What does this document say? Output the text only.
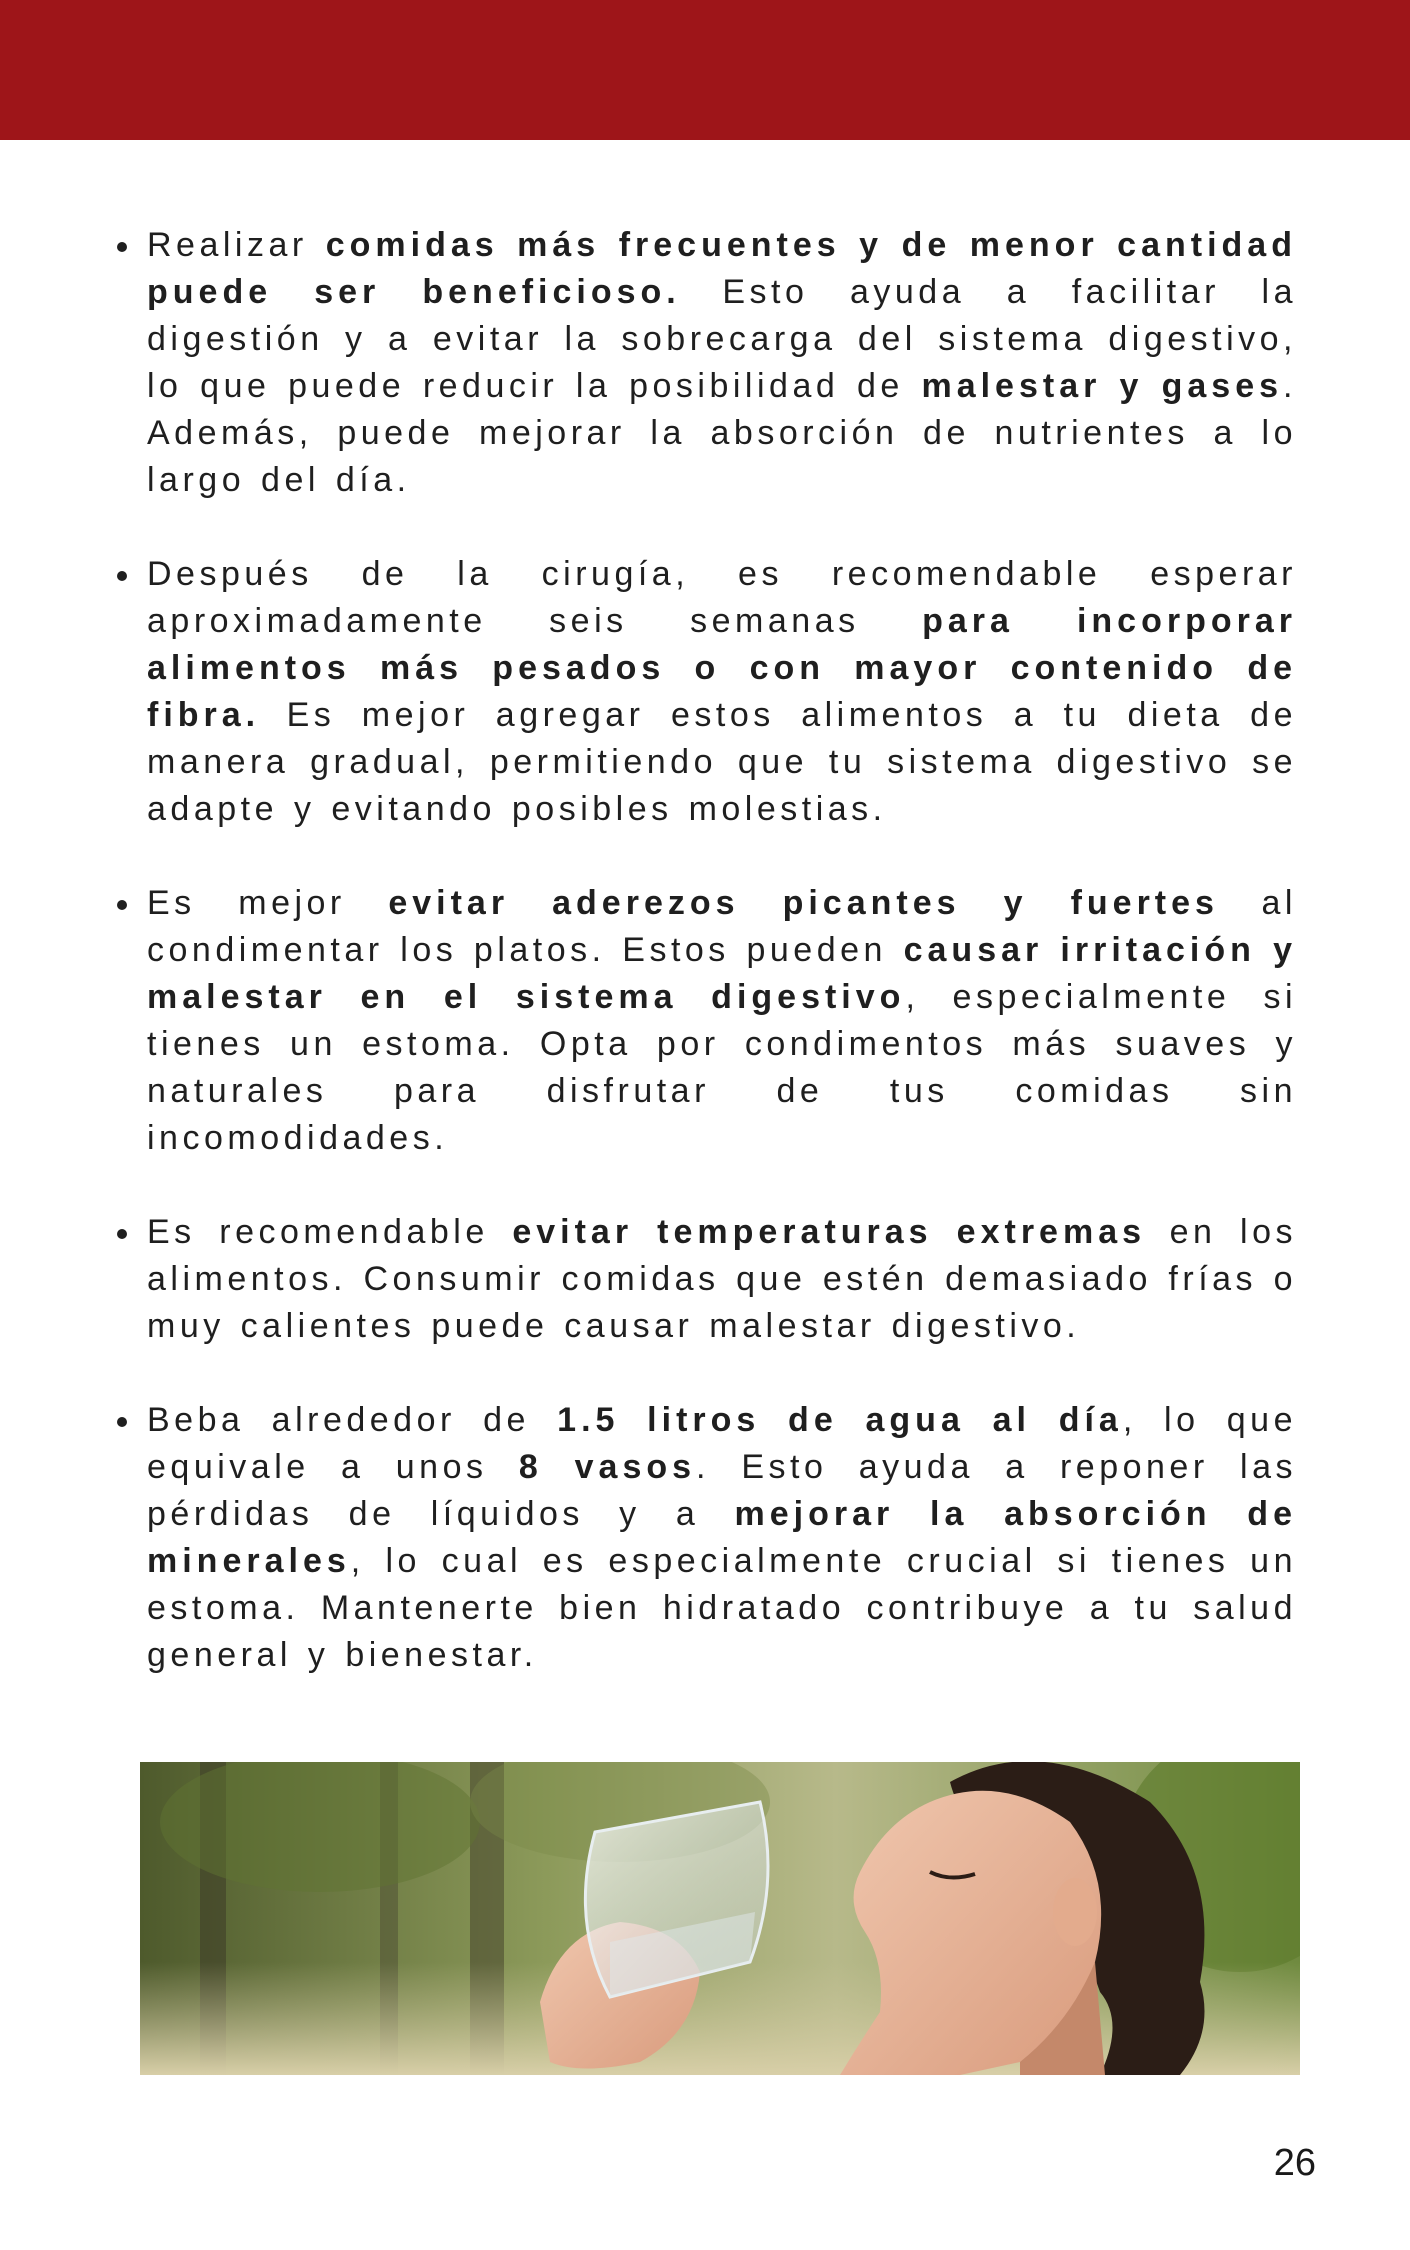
Realizar comidas más frecuentes y de menor cantidad puede ser beneficioso. Esto ayuda a facilitar la digestión y a evitar la sobrecarga del sistema digestivo, lo que puede reducir la posibilidad de malestar y gases. Además, puede mejorar la absorción de nutrientes a lo largo del día.
Después de la cirugía, es recomendable esperar aproximadamente seis semanas para incorporar alimentos más pesados o con mayor contenido de fibra. Es mejor agregar estos alimentos a tu dieta de manera gradual, permitiendo que tu sistema digestivo se adapte y evitando posibles molestias.
Es mejor evitar aderezos picantes y fuertes al condimentar los platos. Estos pueden causar irritación y malestar en el sistema digestivo, especialmente si tienes un estoma. Opta por condimentos más suaves y naturales para disfrutar de tus comidas sin incomodidades.
Es recomendable evitar temperaturas extremas en los alimentos. Consumir comidas que estén demasiado frías o muy calientes puede causar malestar digestivo.
Beba alrededor de 1.5 litros de agua al día, lo que equivale a unos 8 vasos. Esto ayuda a reponer las pérdidas de líquidos y a mejorar la absorción de minerales, lo cual es especialmente crucial si tienes un estoma. Mantenerte bien hidratado contribuye a tu salud general y bienestar.
26
